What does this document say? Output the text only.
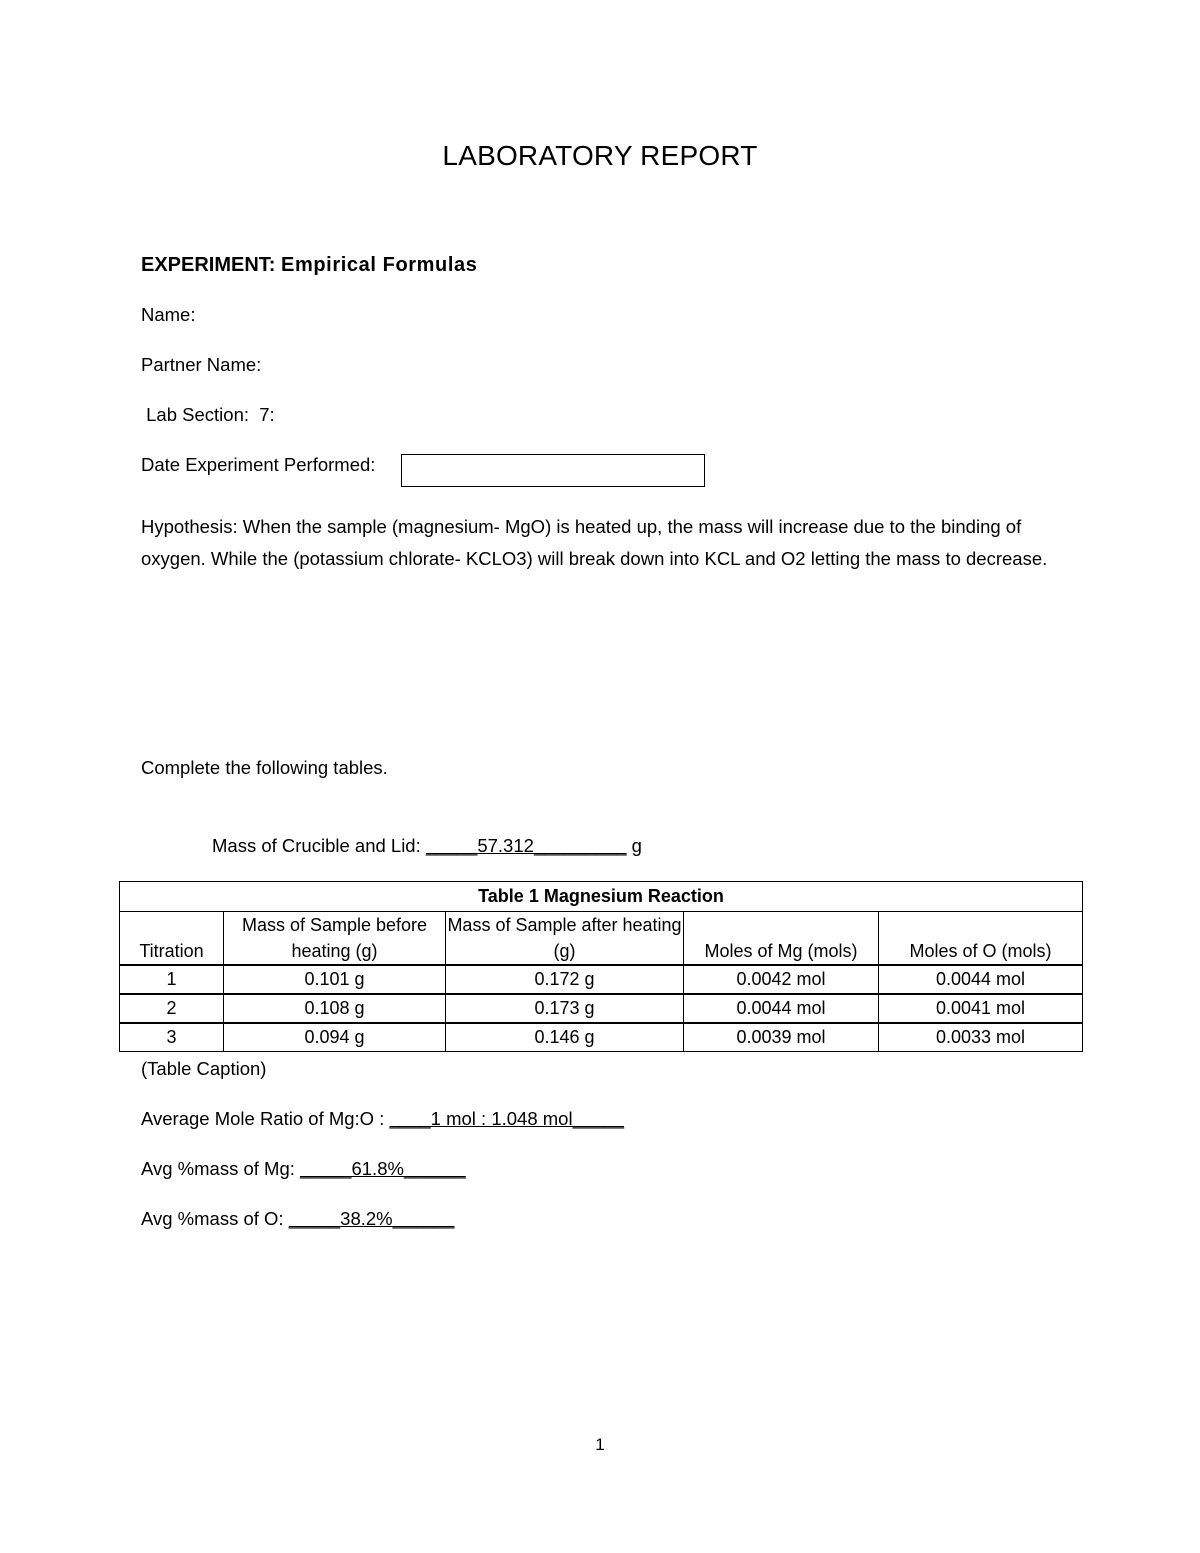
LABORATORY REPORT
EXPERIMENT: Empirical Formulas
Name:
Partner Name:
Lab Section:  7:
Date Experiment Performed:
Hypothesis: When the sample (magnesium- MgO) is heated up, the mass will increase due to the binding of oxygen. While the (potassium chlorate- KCLO3) will break down into KCL and O2 letting the mass to decrease.
Complete the following tables.
Mass of Crucible and Lid: _____57.312_________ g
Table 1 Magnesium Reaction				
Titration	Mass of Sample before heating (g)	Mass of Sample after heating (g)	Moles of Mg (mols)	Moles of O (mols)
1	0.101 g	0.172 g	0.0042 mol	0.0044 mol
2	0.108 g	0.173 g	0.0044 mol	0.0041 mol
3	0.094 g	0.146 g	0.0039 mol	0.0033 mol
(Table Caption)
Average Mole Ratio of Mg:O : ____1 mol : 1.048 mol_____
Avg %mass of Mg: _____61.8%______
Avg %mass of O: _____38.2%______
1
